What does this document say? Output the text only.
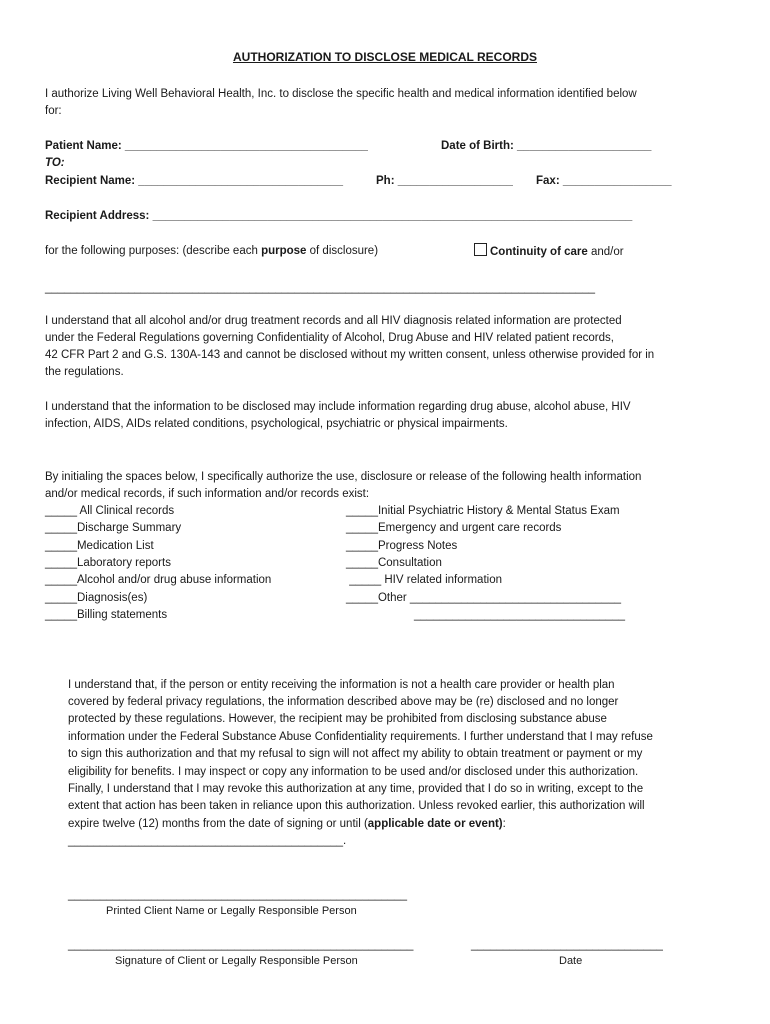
AUTHORIZATION TO DISCLOSE MEDICAL RECORDS
I authorize Living Well Behavioral Health, Inc. to disclose the specific health and medical information identified below
for:
Patient Name: ______________________________________	Date of Birth: _____________________
TO:
Recipient Name: ________________________________	Ph: __________________ Fax: _________________
Recipient Address: ___________________________________________________________________________
for the following purposes: (describe each purpose of disclosure)	Continuity of care and/or
______________________________________________________________________________________
I understand that all alcohol and/or drug treatment records and all HIV diagnosis related information are protected
under the Federal Regulations governing Confidentiality of Alcohol, Drug Abuse and HIV related patient records,
42 CFR Part 2 and G.S. 130A-143 and cannot be disclosed without my written consent, unless otherwise provided for in
the regulations.
I understand that the information to be disclosed may include information regarding drug abuse, alcohol abuse, HIV
infection, AIDS, AIDs related conditions, psychological, psychiatric or physical impairments.
By initialing the spaces below, I specifically authorize the use, disclosure or release of the following health information
and/or medical records, if such information and/or records exist:
_____ All Clinical records
_____Discharge Summary
_____Medication List
_____Laboratory reports
_____Alcohol and/or drug abuse information
_____Diagnosis(es)
_____Billing statements
_____Initial Psychiatric History & Mental Status Exam
_____Emergency and urgent care records
_____Progress Notes
_____Consultation
_____ HIV related information
_____Other _________________________________
_________________________________
I understand that, if the person or entity receiving the information is not a health care provider or health plan
covered by federal privacy regulations, the information described above may be (re) disclosed and no longer
protected by these regulations. However, the recipient may be prohibited from disclosing substance abuse
information under the Federal Substance Abuse Confidentiality requirements. I further understand that I may refuse
to sign this authorization and that my refusal to sign will not affect my ability to obtain treatment or payment or my
eligibility for benefits. I may inspect or copy any information to be used and/or disclosed under this authorization.
Finally, I understand that I may revoke this authorization at any time, provided that I do so in writing, except to the
extent that action has been taken in reliance upon this authorization. Unless revoked earlier, this authorization will
expire twelve (12) months from the date of signing or until (applicable date or event):
___________________________________________.
_____________________________________________________
Printed Client Name or Legally Responsible Person
______________________________________________________
Signature of Client or Legally Responsible Person
______________________________
Date
